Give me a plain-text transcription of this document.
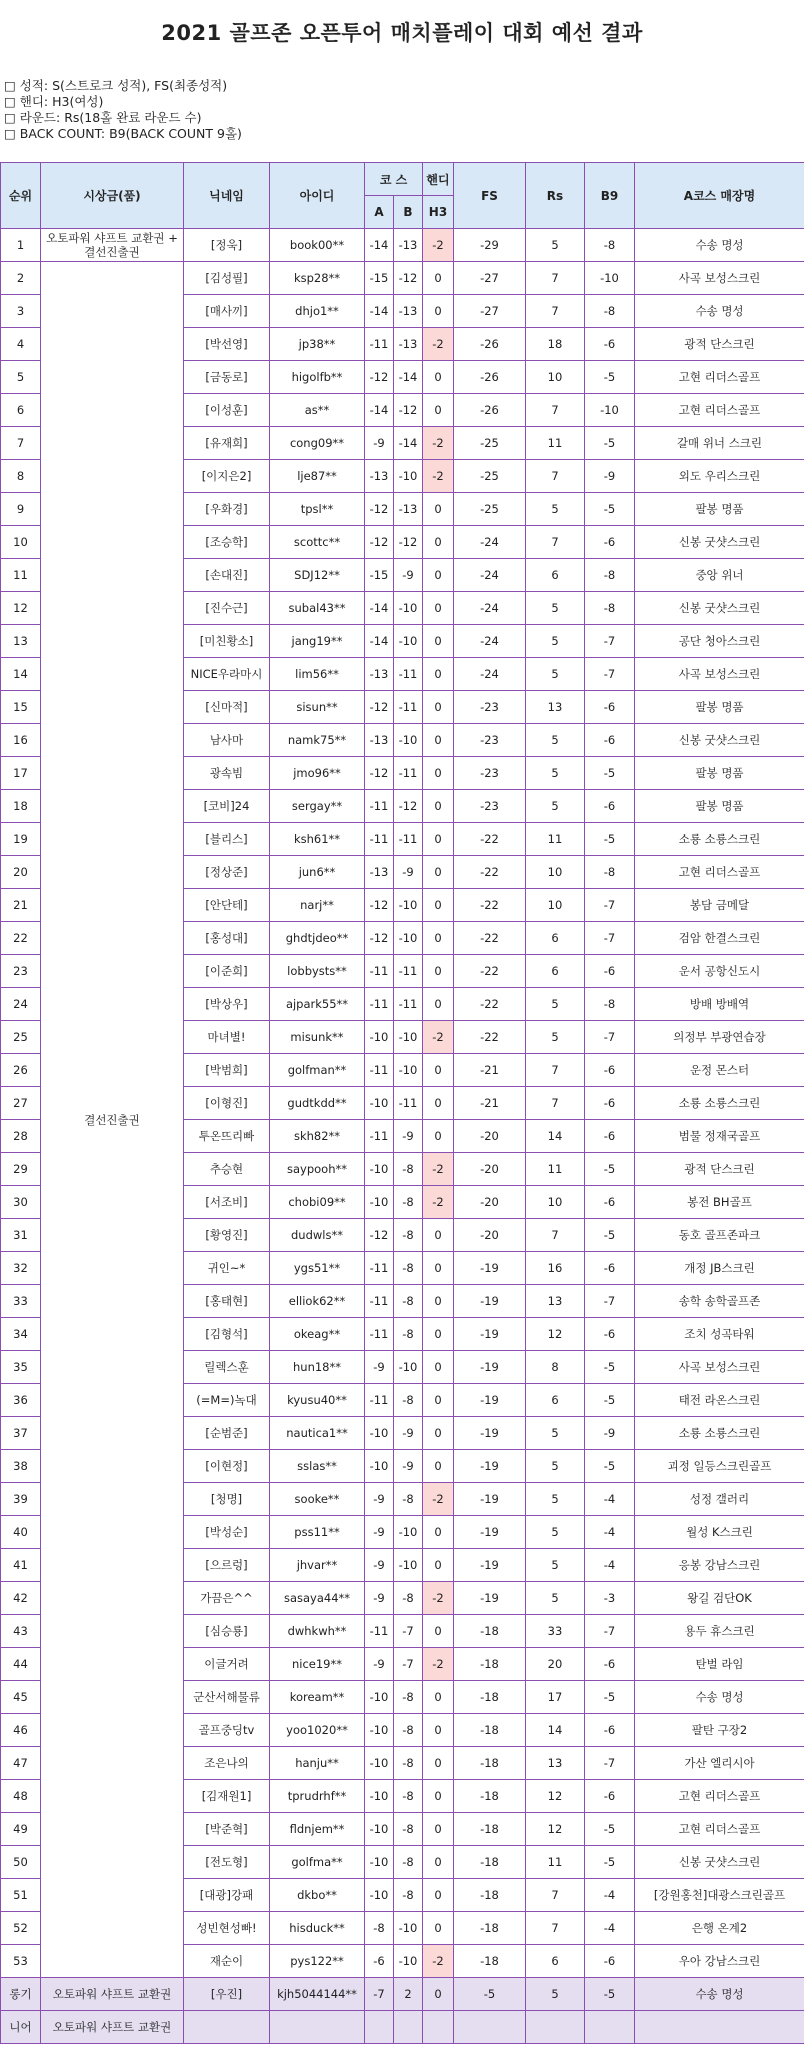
2021 골프존 오픈투어 매치플레이 대회 예선 결과
□ 성적: S(스트로크 성적), FS(최종성적)
□ 핸디: H3(여성)
□ 라운드: Rs(18홀 완료 라운드 수)
□ BACK COUNT: B9(BACK COUNT 9홀)
순위	시상금(품)	닉네임	아이디	코 스		핸디	FS	Rs	B9	A코스 매장명
				A	B	H3				
1	오토파워 샤프트 교환권 + 결선진출권	[정욱]	book00**	-14	-13	-2	-29	5	-8	수송 명성
2	결선진출권	[김성필]	ksp28**	-15	-12	0	-27	7	-10	사곡 보성스크린
3		[매사끼]	dhjo1**	-14	-13	0	-27	7	-8	수송 명성
4		[박선영]	jp38**	-11	-13	-2	-26	18	-6	광적 단스크린
5		[금동로]	higolfb**	-12	-14	0	-26	10	-5	고현 리더스골프
6		[이성훈]	as**	-14	-12	0	-26	7	-10	고현 리더스골프
7		[유재희]	cong09**	-9	-14	-2	-25	11	-5	갈매 위너 스크린
8		[이지은2]	lje87**	-13	-10	-2	-25	7	-9	외도 우리스크린
9		[우화경]	tpsl**	-12	-13	0	-25	5	-5	팔봉 명품
10		[조승학]	scottc**	-12	-12	0	-24	7	-6	신봉 굿샷스크린
11		[손대진]	SDJ12**	-15	-9	0	-24	6	-8	중앙 위너
12		[진수근]	subal43**	-14	-10	0	-24	5	-8	신봉 굿샷스크린
13		[미친황소]	jang19**	-14	-10	0	-24	5	-7	공단 청아스크린
14		NICE우라마시	lim56**	-13	-11	0	-24	5	-7	사곡 보성스크린
15		[신마적]	sisun**	-12	-11	0	-23	13	-6	팔봉 명품
16		남사마	namk75**	-13	-10	0	-23	5	-6	신봉 굿샷스크린
17		광속빔	jmo96**	-12	-11	0	-23	5	-5	팔봉 명품
18		[코비]24	sergay**	-11	-12	0	-23	5	-6	팔봉 명품
19		[블리스]	ksh61**	-11	-11	0	-22	11	-5	소룡 소룡스크린
20		[정상준]	jun6**	-13	-9	0	-22	10	-8	고현 리더스골프
21		[안단테]	narj**	-12	-10	0	-22	10	-7	봉담 금메달
22		[홍성대]	ghdtjdeo**	-12	-10	0	-22	6	-7	검암 한결스크린
23		[이준희]	lobbysts**	-11	-11	0	-22	6	-6	운서 공항신도시
24		[박상우]	ajpark55**	-11	-11	0	-22	5	-8	방배 방배역
25		마녀별!	misunk**	-10	-10	-2	-22	5	-7	의정부 부광연습장
26		[박범희]	golfman**	-11	-10	0	-21	7	-6	운정 몬스터
27		[이형진]	gudtkdd**	-10	-11	0	-21	7	-6	소룡 소룡스크린
28		투온뜨리빠	skh82**	-11	-9	0	-20	14	-6	범물 정재국골프
29		추승현	saypooh**	-10	-8	-2	-20	11	-5	광적 단스크린
30		[서조비]	chobi09**	-10	-8	-2	-20	10	-6	봉전 BH골프
31		[황영진]	dudwls**	-12	-8	0	-20	7	-5	동호 골프존파크
32		귀인~*	ygs51**	-11	-8	0	-19	16	-6	개정 JB스크린
33		[홍태현]	elliok62**	-11	-8	0	-19	13	-7	송학 송학골프존
34		[김형석]	okeag**	-11	-8	0	-19	12	-6	조치 성곡타워
35		릴렉스훈	hun18**	-9	-10	0	-19	8	-5	사곡 보성스크린
36		(=M=)녹대	kyusu40**	-11	-8	0	-19	6	-5	태전 라온스크린
37		[순범준]	nautica1**	-10	-9	0	-19	5	-9	소룡 소룡스크린
38		[이현정]	sslas**	-10	-9	0	-19	5	-5	괴정 일등스크린골프
39		[청명]	sooke**	-9	-8	-2	-19	5	-4	성정 갤러리
40		[박성순]	pss11**	-9	-10	0	-19	5	-4	월성 K스크린
41		[으르렁]	jhvar**	-9	-10	0	-19	5	-4	응봉 강남스크린
42		가끔은^^	sasaya44**	-9	-8	-2	-19	5	-3	왕길 검단OK
43		[심승룡]	dwhkwh**	-11	-7	0	-18	33	-7	용두 휴스크린
44		이글거려	nice19**	-9	-7	-2	-18	20	-6	탄벌 라임
45		군산서해물류	koream**	-10	-8	0	-18	17	-5	수송 명성
46		골프중딩tv	yoo1020**	-10	-8	0	-18	14	-6	팔탄 구장2
47		조은나의	hanju**	-10	-8	0	-18	13	-7	가산 엘리시아
48		[김재원1]	tprudrhf**	-10	-8	0	-18	12	-6	고현 리더스골프
49		[박준혁]	fldnjem**	-10	-8	0	-18	12	-5	고현 리더스골프
50		[전도형]	golfma**	-10	-8	0	-18	11	-5	신봉 굿샷스크린
51		[대광]강패	dkbo**	-10	-8	0	-18	7	-4	[강원홍천]대광스크린골프
52		성빈현성빠!	hisduck**	-8	-10	0	-18	7	-4	은행 온계2
53		재순이	pys122**	-6	-10	-2	-18	6	-6	우아 강남스크린
롱기	오토파워 샤프트 교환권	[우진]	kjh5044144**	-7	2	0	-5	5	-5	수송 명성
니어	오토파워 샤프트 교환권									
